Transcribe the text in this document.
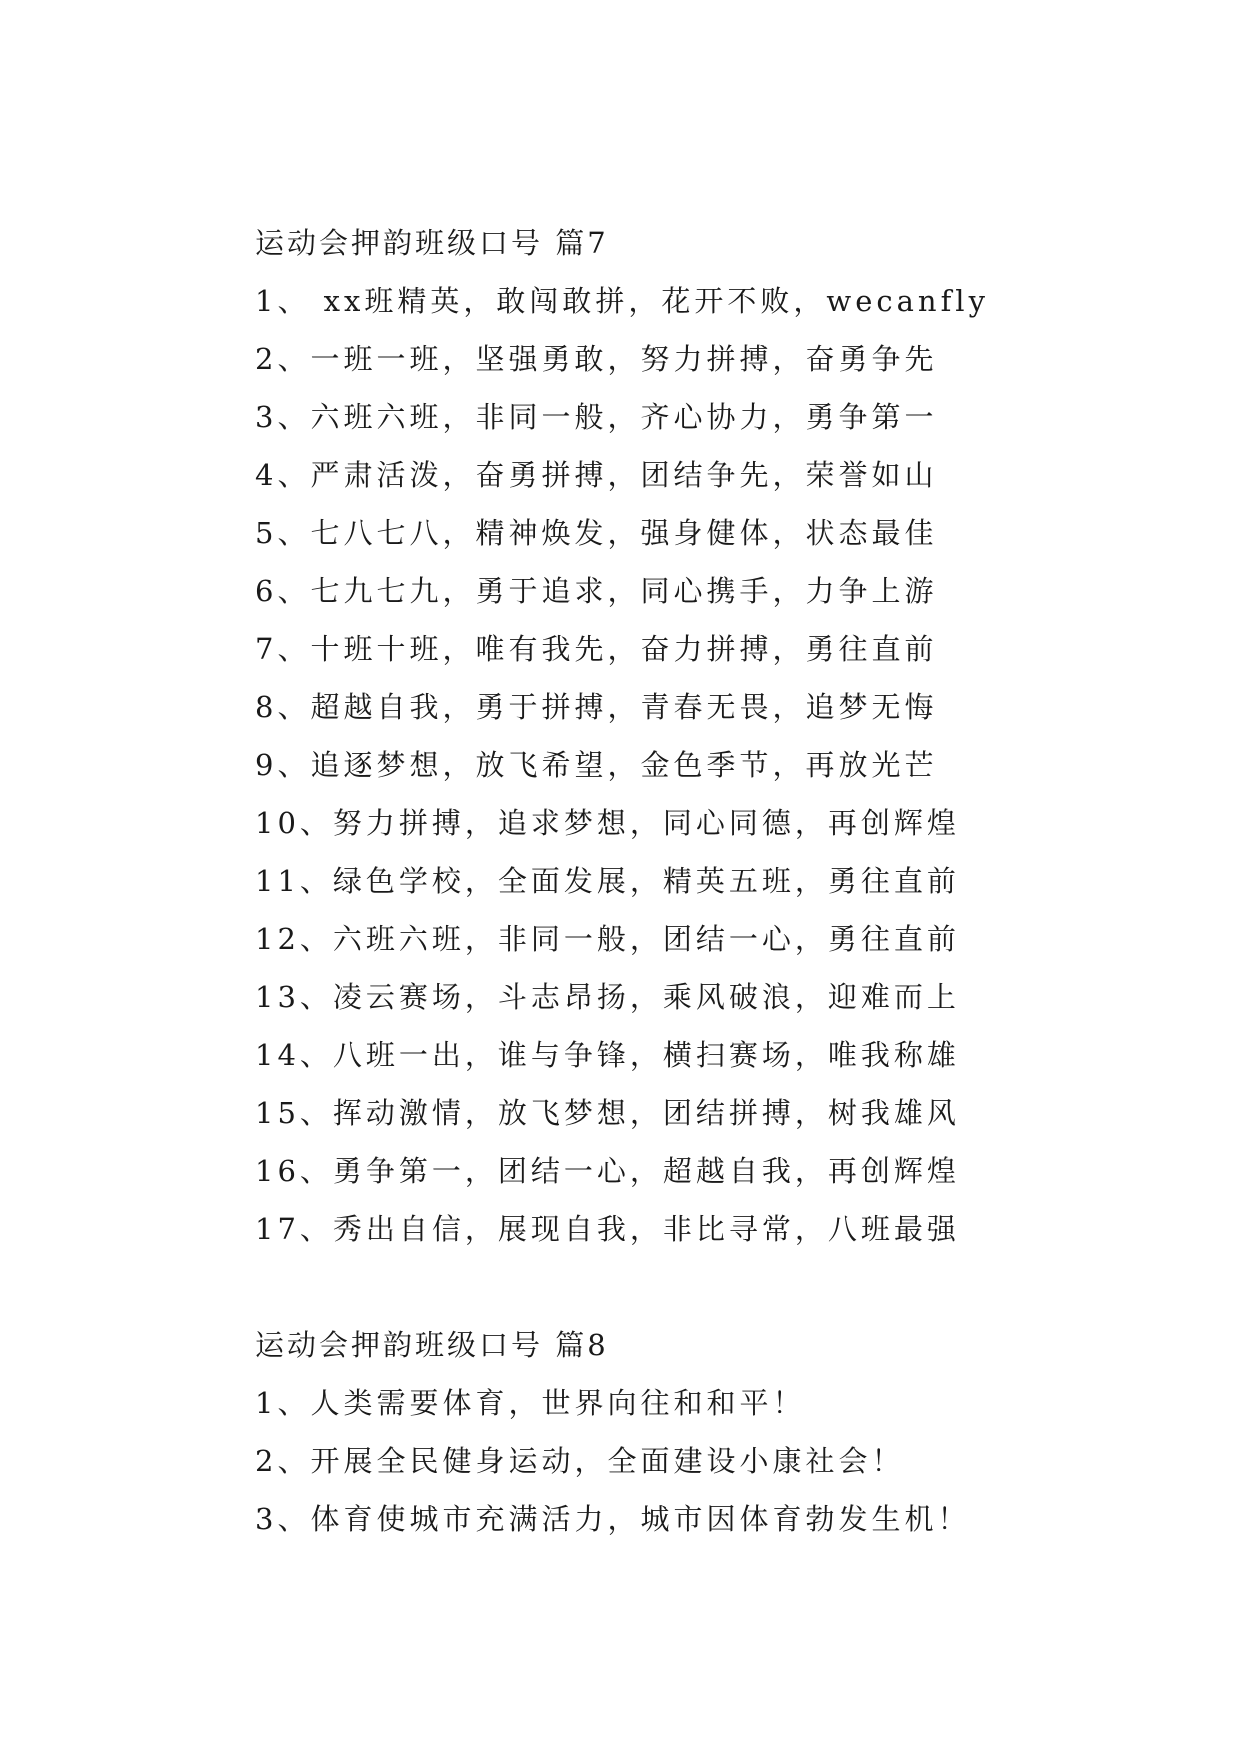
运动会押韵班级口号 篇7
1、 xx班精英，敢闯敢拼，花开不败，wecanfly
2、一班一班，坚强勇敢，努力拼搏，奋勇争先
3、六班六班，非同一般，齐心协力，勇争第一
4、严肃活泼，奋勇拼搏，团结争先，荣誉如山
5、七八七八，精神焕发，强身健体，状态最佳
6、七九七九，勇于追求，同心携手，力争上游
7、十班十班，唯有我先，奋力拼搏，勇往直前
8、超越自我，勇于拼搏，青春无畏，追梦无悔
9、追逐梦想，放飞希望，金色季节，再放光芒
10、努力拼搏，追求梦想，同心同德，再创辉煌
11、绿色学校，全面发展，精英五班，勇往直前
12、六班六班，非同一般，团结一心，勇往直前
13、凌云赛场，斗志昂扬，乘风破浪，迎难而上
14、八班一出，谁与争锋，横扫赛场，唯我称雄
15、挥动激情，放飞梦想，团结拼搏，树我雄风
16、勇争第一，团结一心，超越自我，再创辉煌
17、秀出自信，展现自我，非比寻常，八班最强
运动会押韵班级口号 篇8
1、人类需要体育，世界向往和和平！
2、开展全民健身运动，全面建设小康社会！
3、体育使城市充满活力，城市因体育勃发生机！
